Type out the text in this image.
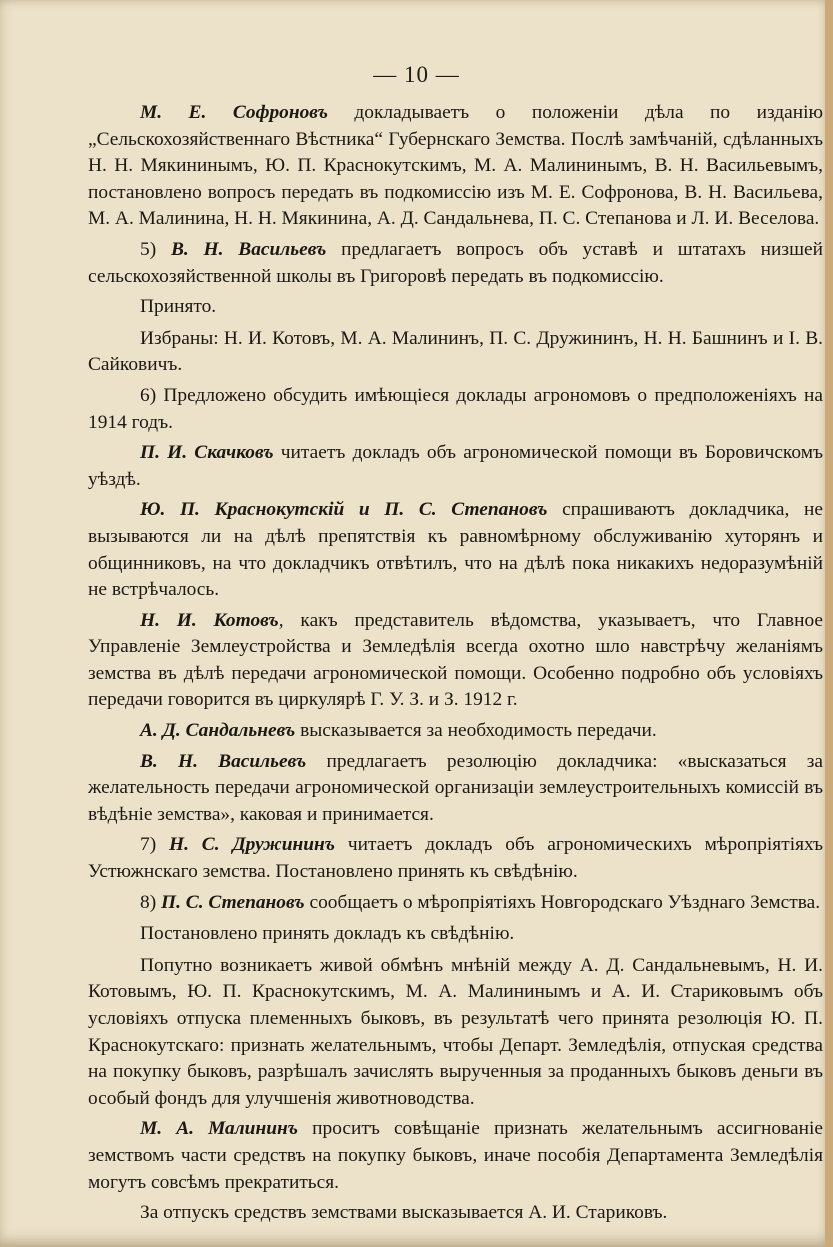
— 10 —

М. Е. Софроновъ докладываетъ о положеніи дѣла по изданію „Сельскохозяйственнаго Вѣстника“ Губернскаго Земства. Послѣ замѣчаній, сдѣланныхъ Н. Н. Мякининымъ, Ю. П. Краснокутскимъ, М. А. Малининымъ, В. Н. Васильевымъ, постановлено вопросъ передать въ подкомиссію изъ М. Е. Софронова, В. Н. Васильева, М. А. Малинина, Н. Н. Мякинина, А. Д. Сандальнева, П. С. Степанова и Л. И. Веселова.

5) В. Н. Васильевъ предлагаетъ вопросъ объ уставѣ и штатахъ низшей сельскохозяйственной школы въ Григоровѣ передать въ подкомиссію.

Принято.

Избраны: Н. И. Котовъ, М. А. Малининъ, П. С. Дружининъ, Н. Н. Башнинъ и І. В. Сайковичъ.

6) Предложено обсудить имѣющіеся доклады агрономовъ о предположеніяхъ на 1914 годъ.

П. И. Скачковъ читаетъ докладъ объ агрономической помощи въ Боровичскомъ уѣздѣ.

Ю. П. Краснокутскій и П. С. Степановъ спрашиваютъ докладчика, не вызываются ли на дѣлѣ препятствія къ равномѣрному обслуживанію хуторянъ и общинниковъ, на что докладчикъ отвѣтилъ, что на дѣлѣ пока никакихъ недоразумѣній не встрѣчалось.

Н. И. Котовъ, какъ представитель вѣдомства, указываетъ, что Главное Управленіе Землеустройства и Земледѣлія всегда охотно шло навстрѣчу желаніямъ земства въ дѣлѣ передачи агрономической помощи. Особенно подробно объ условіяхъ передачи говорится въ циркулярѣ Г. У. З. и З. 1912 г.

А. Д. Сандальневъ высказывается за необходимость передачи.

В. Н. Васильевъ предлагаетъ резолюцію докладчика: «высказаться за желательность передачи агрономической организаціи землеустроительныхъ комиссій въ вѣдѣніе земства», каковая и принимается.

7) Н. С. Дружининъ читаетъ докладъ объ агрономическихъ мѣропріятіяхъ Устюжнскаго земства. Постановлено принять къ свѣдѣнію.

8) П. С. Степановъ сообщаетъ о мѣропріятіяхъ Новгородскаго Уѣзднаго Земства.

Постановлено принять докладъ къ свѣдѣнію.

Попутно возникаетъ живой обмѣнъ мнѣній между А. Д. Сандальневымъ, Н. И. Котовымъ, Ю. П. Краснокутскимъ, М. А. Малининымъ и А. И. Стариковымъ объ условіяхъ отпуска племенныхъ быковъ, въ результатѣ чего принята резолюція Ю. П. Краснокутскаго: признать желательнымъ, чтобы Департ. Земледѣлія, отпуская средства на покупку быковъ, разрѣшалъ зачислять вырученныя за проданныхъ быковъ деньги въ особый фондъ для улучшенія животноводства.

М. А. Малининъ проситъ совѣщаніе признать желательнымъ ассигнованіе земствомъ части средствъ на покупку быковъ, иначе пособія Департамента Земледѣлія могутъ совсѣмъ прекратиться.

За отпускъ средствъ земствами высказывается А. И. Стариковъ.
